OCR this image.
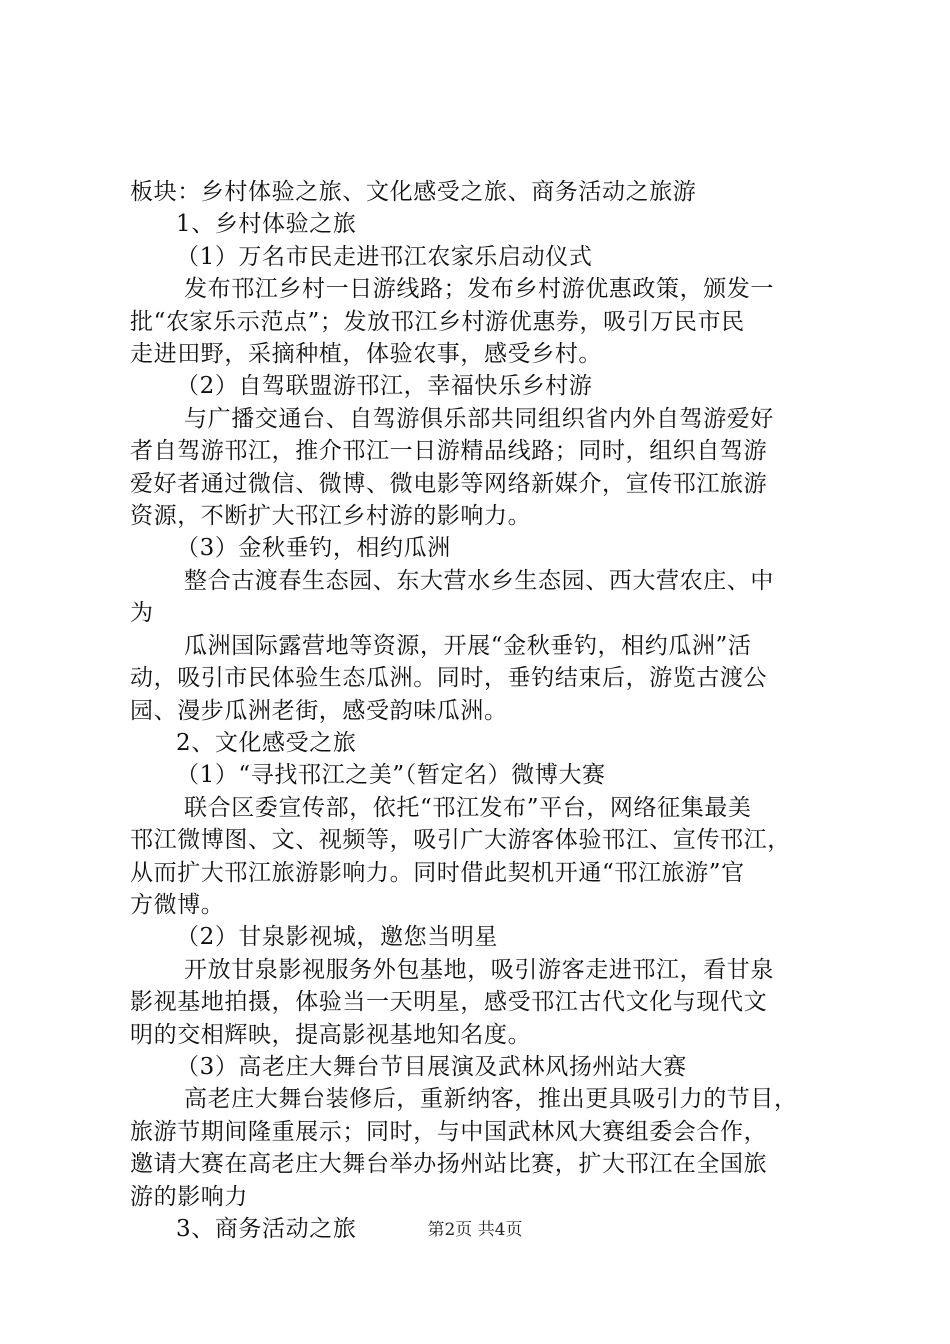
板块：乡村体验之旅、文化感受之旅、商务活动之旅游

1、乡村体验之旅

（1）万名市民走进邗江农家乐启动仪式

发布邗江乡村一日游线路；发布乡村游优惠政策，颁发一

批“农家乐示范点”；发放邗江乡村游优惠券，吸引万民市民

走进田野，采摘种植，体验农事，感受乡村。

（2）自驾联盟游邗江，幸福快乐乡村游

与广播交通台、自驾游俱乐部共同组织省内外自驾游爱好

者自驾游邗江，推介邗江一日游精品线路；同时，组织自驾游

爱好者通过微信、微博、微电影等网络新媒介，宣传邗江旅游

资源，不断扩大邗江乡村游的影响力。

（3）金秋垂钓，相约瓜洲

整合古渡春生态园、东大营水乡生态园、西大营农庄、中

为

瓜洲国际露营地等资源，开展“金秋垂钓，相约瓜洲”活

动，吸引市民体验生态瓜洲。同时，垂钓结束后，游览古渡公

园、漫步瓜洲老街，感受韵味瓜洲。

2、文化感受之旅

（1）“寻找邗江之美”（暂定名）微博大赛

联合区委宣传部，依托“邗江发布”平台，网络征集最美

邗江微博图、文、视频等，吸引广大游客体验邗江、宣传邗江，

从而扩大邗江旅游影响力。同时借此契机开通“邗江旅游”官

方微博。

（2）甘泉影视城，邀您当明星

开放甘泉影视服务外包基地，吸引游客走进邗江，看甘泉

影视基地拍摄，体验当一天明星，感受邗江古代文化与现代文

明的交相辉映，提高影视基地知名度。

（3）高老庄大舞台节目展演及武林风扬州站大赛

高老庄大舞台装修后，重新纳客，推出更具吸引力的节目，

旅游节期间隆重展示；同时，与中国武林风大赛组委会合作，

邀请大赛在高老庄大舞台举办扬州站比赛，扩大邗江在全国旅

游的影响力

3、商务活动之旅	第2页 共4页
